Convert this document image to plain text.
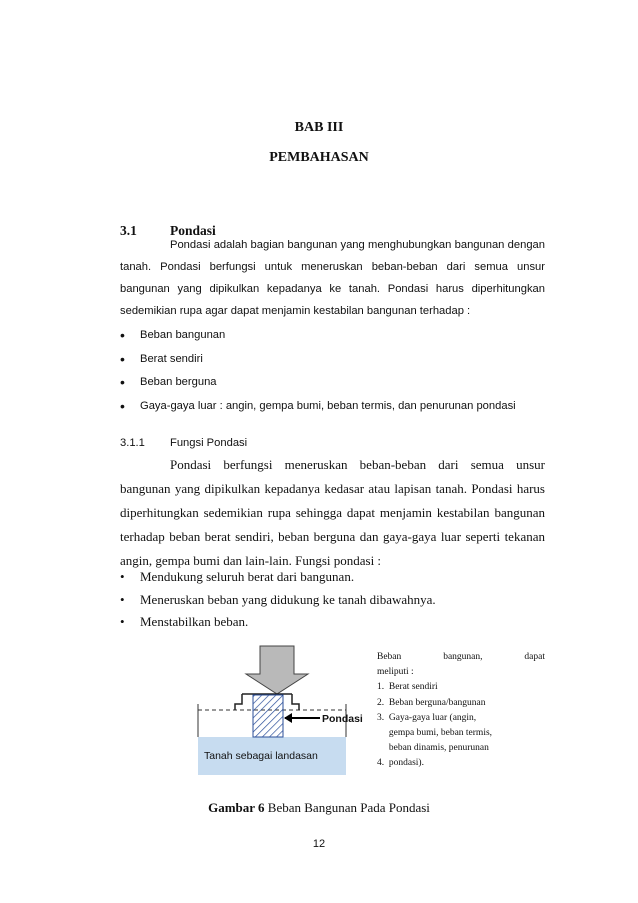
BAB III
PEMBAHASAN
3.1 Pondasi
Pondasi adalah bagian bangunan yang menghubungkan bangunan dengan tanah. Pondasi berfungsi untuk meneruskan beban-beban dari semua unsur bangunan yang dipikulkan kepadanya ke tanah. Pondasi harus diperhitungkan sedemikian rupa agar dapat menjamin kestabilan bangunan terhadap :
• Beban bangunan
• Berat sendiri
• Beban berguna
• Gaya-gaya luar : angin, gempa bumi, beban termis, dan penurunan pondasi
3.1.1 Fungsi Pondasi
Pondasi berfungsi meneruskan beban-beban dari semua unsur bangunan yang dipikulkan kepadanya kedasar atau lapisan tanah. Pondasi harus diperhitungkan sedemikian rupa sehingga dapat menjamin kestabilan bangunan terhadap beban berat sendiri, beban berguna dan gaya-gaya luar seperti tekanan angin, gempa bumi dan lain-lain. Fungsi pondasi :
• Mendukung seluruh berat dari bangunan.
• Meneruskan beban yang didukung ke tanah dibawahnya.
• Menstabilkan beban.
Pondasi
Tanah sebagai landasan
Beban bangunan, dapat
meliputi :
1.  Berat sendiri
2.  Beban berguna/bangunan
3.  Gaya-gaya luar (angin,
gempa bumi, beban termis,
beban dinamis, penurunan
4.  pondasi).
Gambar 6 Beban Bangunan Pada Pondasi
12
